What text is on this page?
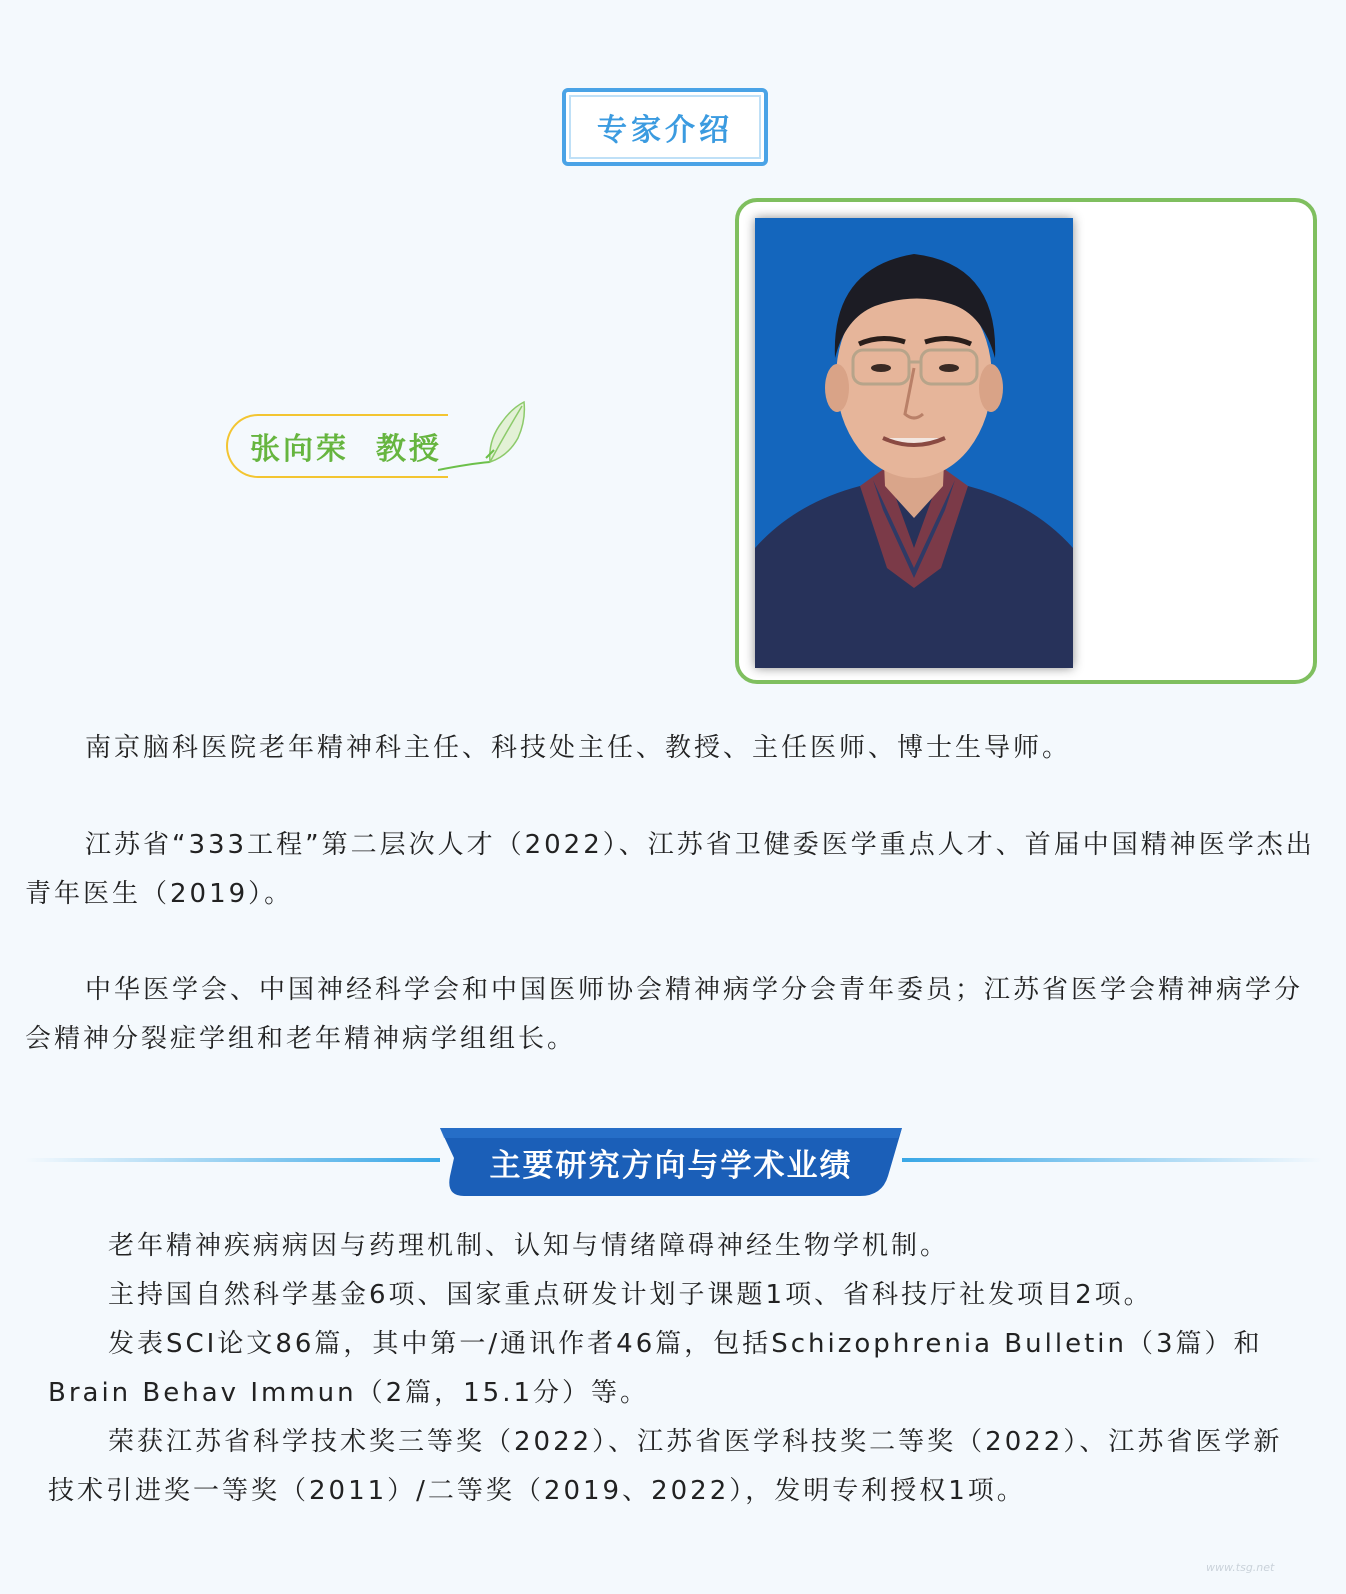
专家介绍
张向荣  教授

南京脑科医院老年精神科主任、科技处主任、教授、主任医师、博士生导师。

江苏省“333工程”第二层次人才（2022）、江苏省卫健委医学重点人才、首届中国精神医学杰出青年医生（2019）。

中华医学会、中国神经科学会和中国医师协会精神病学分会青年委员；江苏省医学会精神病学分会精神分裂症学组和老年精神病学组组长。

主要研究方向与学术业绩

老年精神疾病病因与药理机制、认知与情绪障碍神经生物学机制。

主持国自然科学基金6项、国家重点研发计划子课题1项、省科技厅社发项目2项。

发表SCI论文86篇，其中第一/通讯作者46篇，包括Schizophrenia Bulletin（3篇）和Brain Behav Immun（2篇，15.1分）等。

荣获江苏省科学技术奖三等奖（2022）、江苏省医学科技奖二等奖（2022）、江苏省医学新技术引进奖一等奖（2011）/二等奖（2019、2022），发明专利授权1项。

www.tsg.net
